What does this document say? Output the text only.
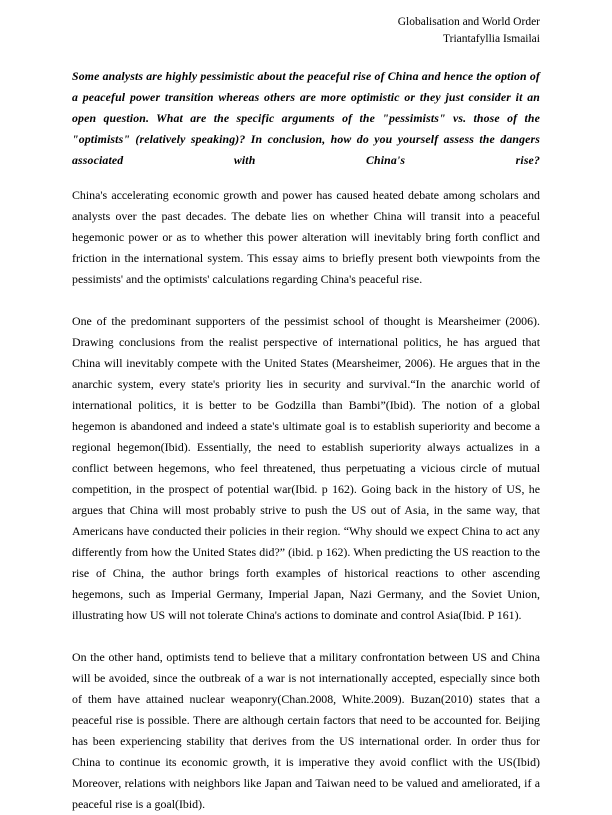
Globalisation and World Order
Triantafyllia Ismailai
Some analysts are highly pessimistic about the peaceful rise of China and hence the option of a peaceful power transition whereas others are more optimistic or they just consider it an open question. What are the specific arguments of the "pessimists" vs. those of the "optimists" (relatively speaking)? In conclusion, how do you yourself assess the dangers associated with China's rise?

China's accelerating economic growth and power has caused heated debate among scholars and analysts over the past decades. The debate lies on whether China will transit into a peaceful hegemonic power or as to whether this power alteration will inevitably bring forth conflict and friction in the international system. This essay aims to briefly present both viewpoints from the pessimists' and the optimists' calculations regarding China's peaceful rise.

One of the predominant supporters of the pessimist school of thought is Mearsheimer (2006). Drawing conclusions from the realist perspective of international politics, he has argued that China will inevitably compete with the United States (Mearsheimer, 2006). He argues that in the anarchic system, every state's priority lies in security and survival.“In the anarchic world of international politics, it is better to be Godzilla than Bambi”(Ibid). The notion of a global hegemon is abandoned and indeed a state's ultimate goal is to establish superiority and become a regional hegemon(Ibid). Essentially, the need to establish superiority always actualizes in a conflict between hegemons, who feel threatened, thus perpetuating a vicious circle of mutual competition, in the prospect of potential war(Ibid. p 162). Going back in the history of US, he argues that China will most probably strive to push the US out of Asia, in the same way, that Americans have conducted their policies in their region. “Why should we expect China to act any differently from how the United States did?” (ibid. p 162). When predicting the US reaction to the rise of China, the author brings forth examples of historical reactions to other ascending hegemons, such as Imperial Germany, Imperial Japan, Nazi Germany, and the Soviet Union, illustrating how US will not tolerate China's actions to dominate and control Asia(Ibid. P 161).

On the other hand, optimists tend to believe that a military confrontation between US and China will be avoided, since the outbreak of a war is not internationally accepted, especially since both of them have attained nuclear weaponry(Chan.2008, White.2009). Buzan(2010) states that a peaceful rise is possible. There are although certain factors that need to be accounted for. Beijing has been experiencing stability that derives from the US international order. In order thus for China to continue its economic growth, it is imperative they avoid conflict with the US(Ibid) Moreover, relations with neighbors like Japan and Taiwan need to be valued and ameliorated, if a peaceful rise is a goal(Ibid).
